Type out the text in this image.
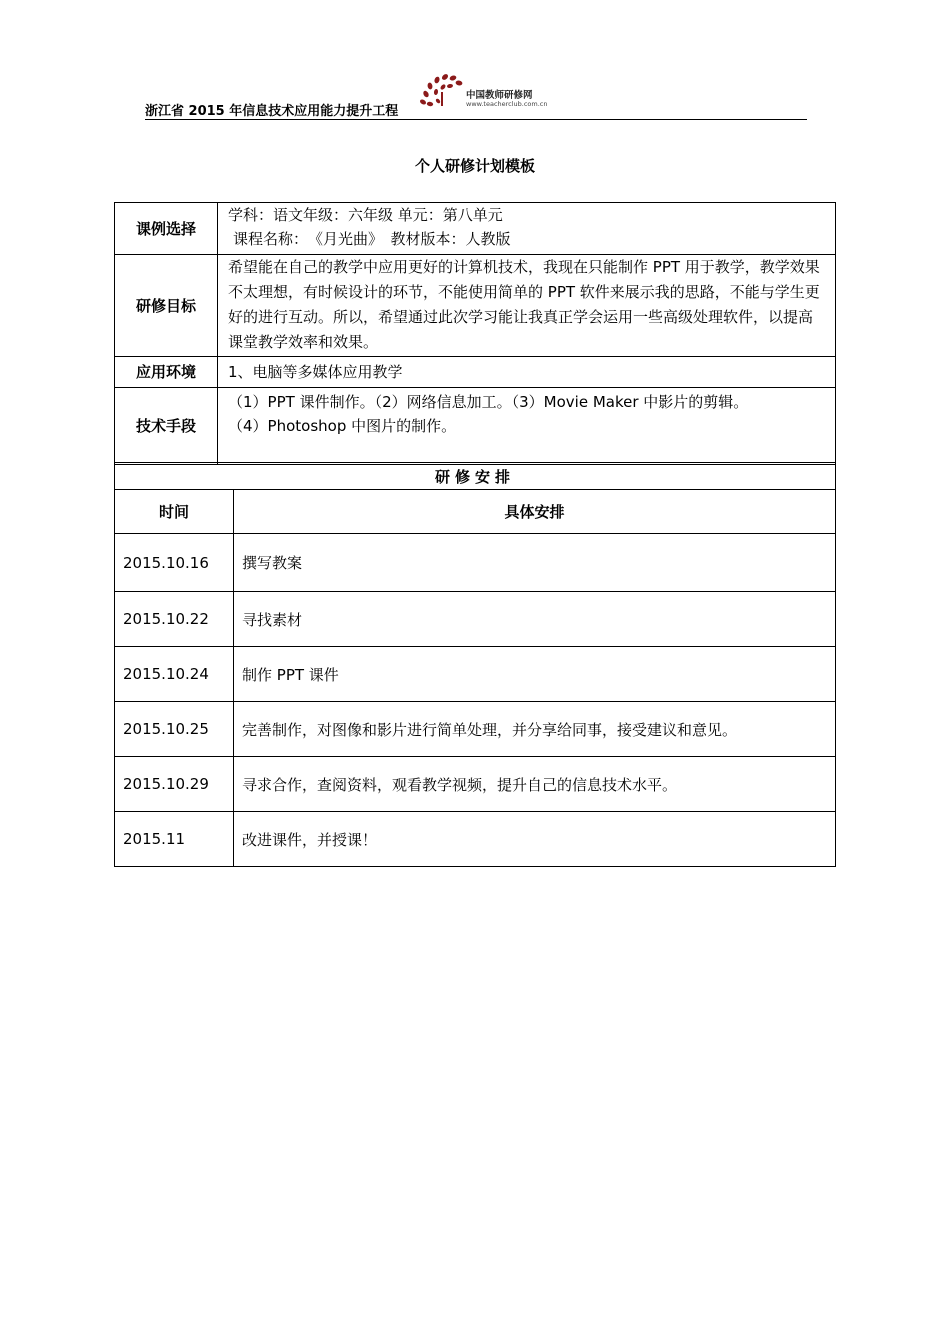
浙江省 2015 年信息技术应用能力提升工程
中国教师研修网
www.teacherclub.com.cn
个人研修计划模板
课例选择	学科：语文年级：六年级 单元：第八单元
课程名称：　《月光曲》　教材版本：人教版

研修目标	希望能在自己的教学中应用更好的计算机技术，我现在只能制作 PPT 用于教学，教学效果不太理想，有时候设计的环节，不能使用简单的 PPT 软件来展示我的思路，不能与学生更好的进行互动。所以，希望通过此次学习能让我真正学会运用一些高级处理软件，以提高课堂教学效率和效果。
应用环境	1、电脑等多媒体应用教学
技术手段	（1）PPT 课件制作。（2）网络信息加工。（3）Movie Maker 中影片的剪辑。
（4）Photoshop 中图片的制作。
研修安排	
时间	具体安排
2015.10.16	撰写教案
2015.10.22	寻找素材
2015.10.24	制作 PPT 课件
2015.10.25	完善制作，对图像和影片进行简单处理，并分享给同事，接受建议和意见。
2015.10.29	寻求合作，查阅资料，观看教学视频，提升自己的信息技术水平。
2015.11	改进课件，并授课！
